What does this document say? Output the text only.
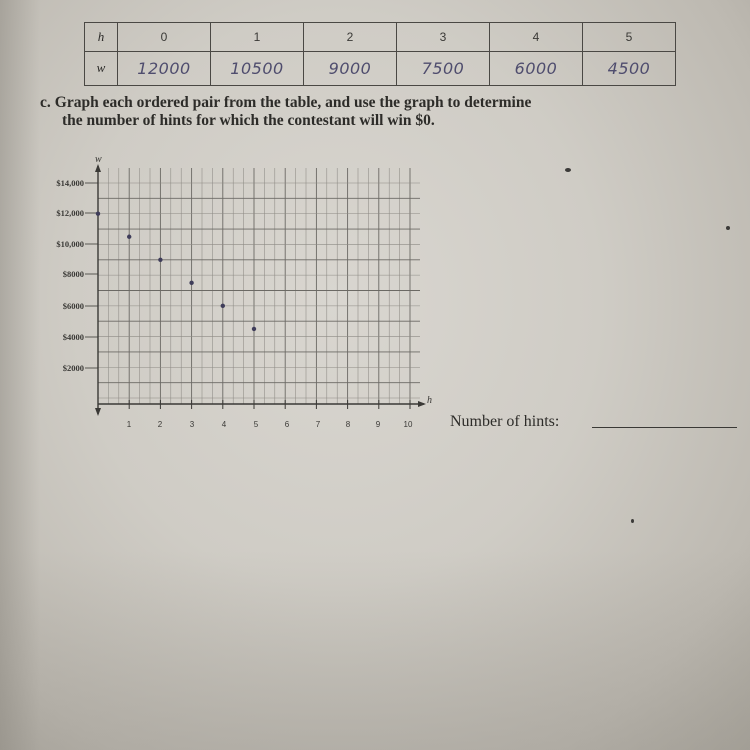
h	0	1	2	3	4	5
w	12000	10500	9000	7500	6000	4500

c. Graph each ordered pair from the table, and use the graph to determine
the number of hints for which the contestant will win $0.

w
h
$14,000
$12,000
$10,000
$8000
$6000
$4000
$2000
1	2	3	4	5	6	7	8	9	10 Number of hints:
